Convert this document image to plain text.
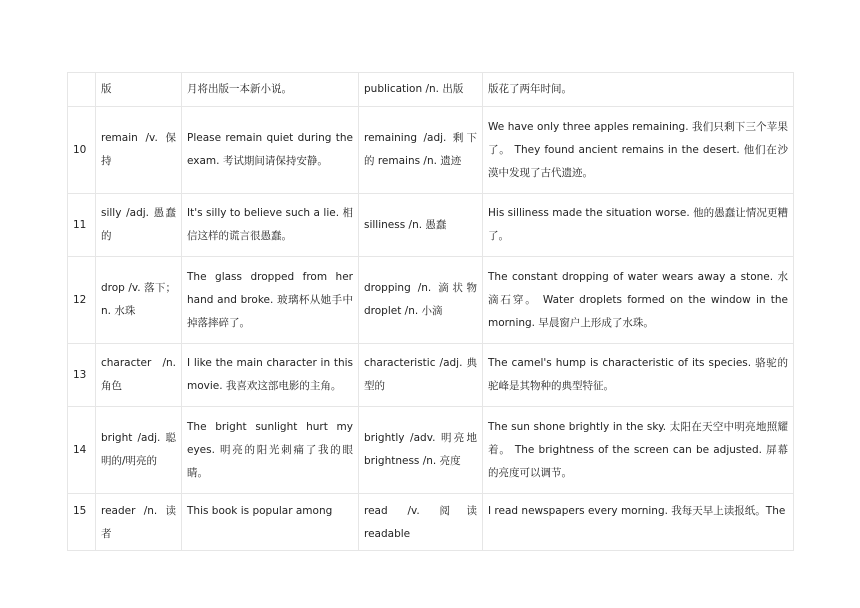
	版	月将出版一本新小说。	publication /n. 出版	版花了两年时间。
10	remain /v. 保持	Please remain quiet during the exam. 考试期间请保持安静。	remaining /adj. 剩下的 remains /n. 遗迹	We have only three apples remaining. 我们只剩下三个苹果了。 They found ancient remains in the desert. 他们在沙漠中发现了古代遗迹。
11	silly /adj. 愚蠢的	It's silly to believe such a lie. 相信这样的谎言很愚蠢。	silliness /n. 愚蠢	His silliness made the situation worse. 他的愚蠢让情况更糟了。
12	drop /v. 落下；n. 水珠	The glass dropped from her hand and broke. 玻璃杯从她手中掉落摔碎了。	dropping /n. 滴状物 droplet /n. 小滴	The constant dropping of water wears away a stone. 水滴石穿。 Water droplets formed on the window in the morning. 早晨窗户上形成了水珠。
13	character /n. 角色	I like the main character in this movie. 我喜欢这部电影的主角。	characteristic /adj. 典型的	The camel's hump is characteristic of its species. 骆驼的驼峰是其物种的典型特征。
14	bright /adj. 聪明的/明亮的	The bright sunlight hurt my eyes. 明亮的阳光刺痛了我的眼睛。	brightly /adv. 明亮地 brightness /n. 亮度	The sun shone brightly in the sky. 太阳在天空中明亮地照耀着。 The brightness of the screen can be adjusted. 屏幕的亮度可以调节。
15	reader /n. 读者	This book is popular among	read /v. 阅读 readable	I read newspapers every morning. 我每天早上读报纸。The
